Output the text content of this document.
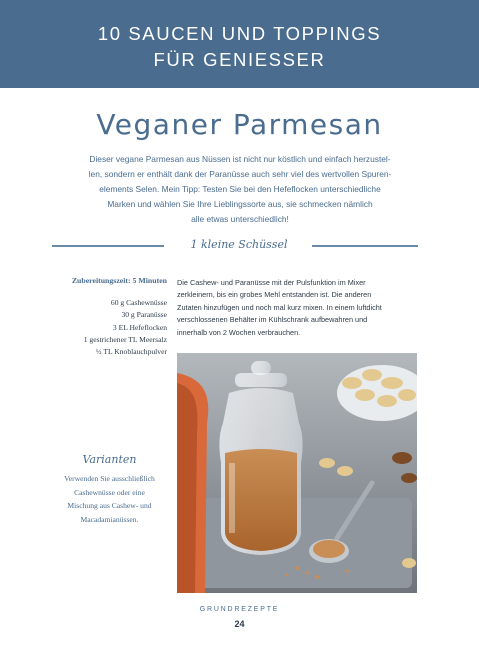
10 SAUCEN UND TOPPINGS
FÜR GENIESSER
Veganer Parmesan
Dieser vegane Parmesan aus Nüssen ist nicht nur köstlich und einfach herzustel-
len, sondern er enthält dank der Paranüsse auch sehr viel des wertvollen Spuren-
elements Selen. Mein Tipp: Testen Sie bei den Hefeflocken unterschiedliche
Marken und wählen Sie Ihre Lieblingssorte aus, sie schmecken nämlich
alle etwas unterschiedlich!
1 kleine Schüssel
Zubereitungszeit: 5 Minuten
60 g Cashewnüsse
30 g Paranüsse
3 EL Hefeflocken
1 gestrichener TL Meersalz
½ TL Knoblauchpulver
Die Cashew- und Paranüsse mit der Pulsfunktion im Mixer
zerkleinern, bis ein grobes Mehl entstanden ist. Die anderen
Zutaten hinzufügen und noch mal kurz mixen. In einem luftdicht
verschlossenen Behälter im Kühlschrank aufbewahren und
innerhalb von 2 Wochen verbrauchen.
Varianten
Verwenden Sie ausschließlich
Cashewnüsse oder eine
Mischung aus Cashew- und
Macadamianüssen.
GRUNDREZEPTE
24
